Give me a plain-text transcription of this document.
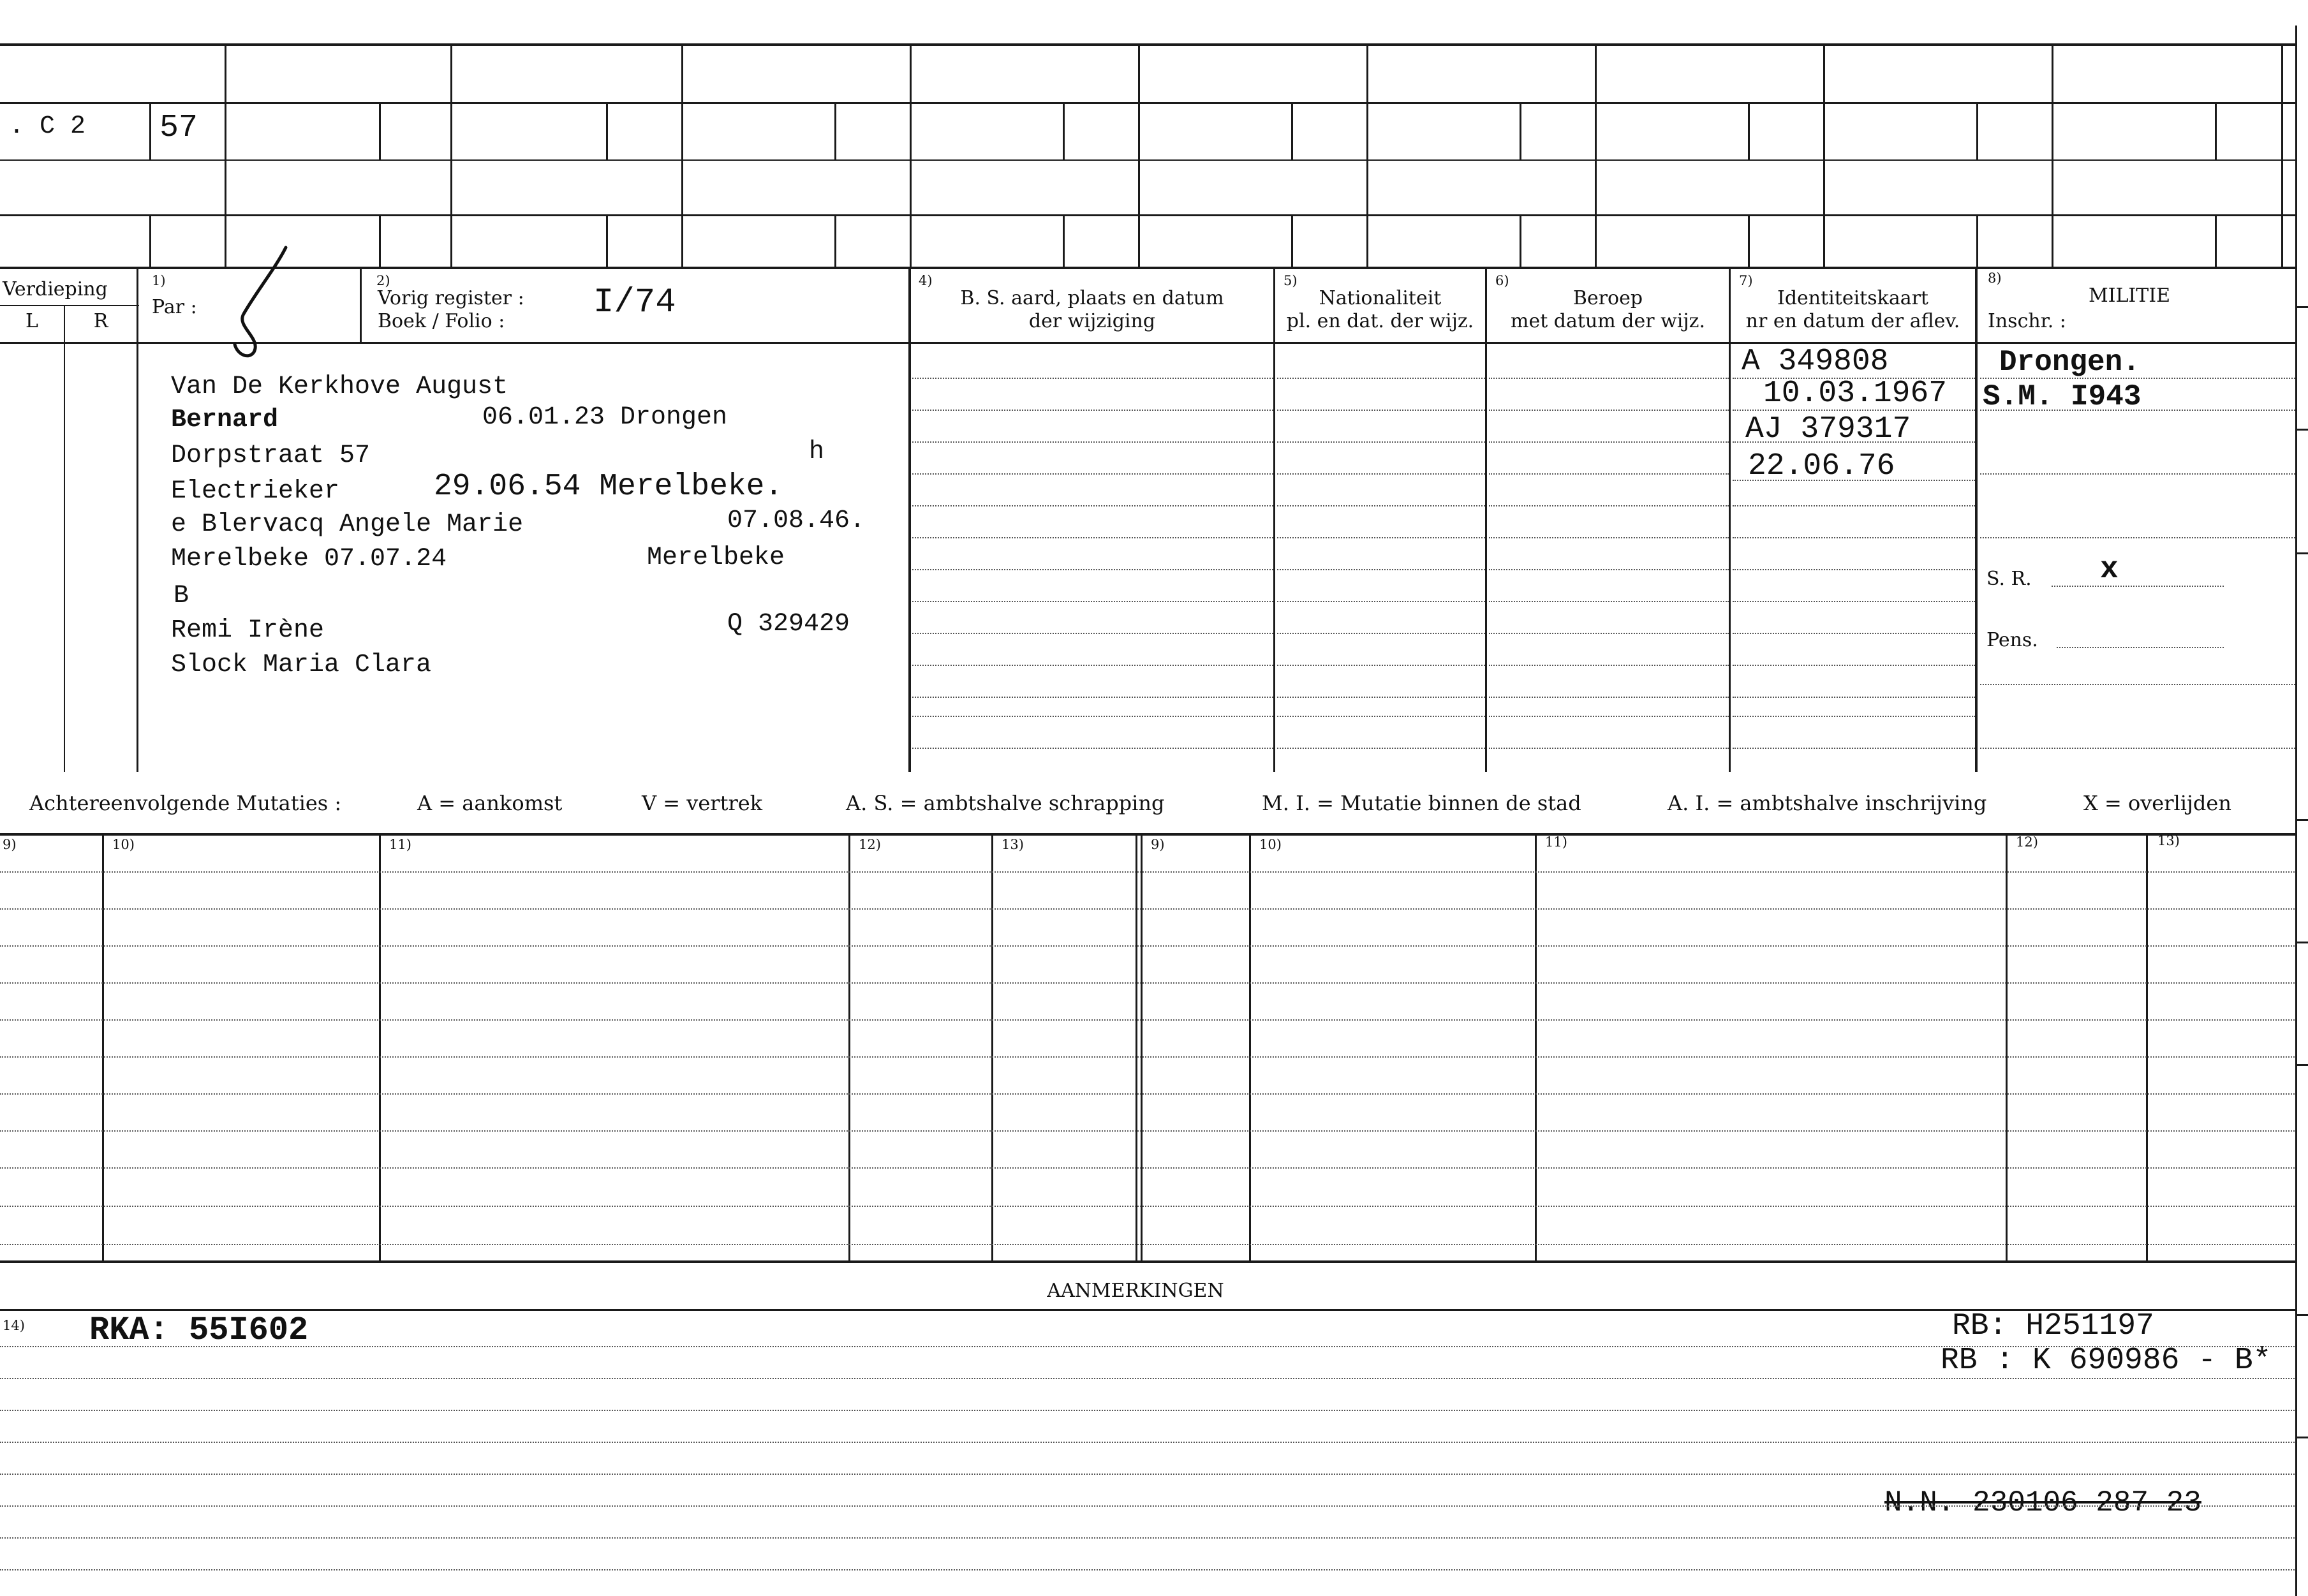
. C 2 57
Verdieping
L	R
1)
Par :
2)
Vorig register :
Boek / Folio :	I/74
4)
B. S. aard, plaats en datum
der wijziging
5)
Nationaliteit
pl. en dat. der wijz.
6)
Beroep
met datum der wijz.
7)
Identiteitskaart
nr en datum der aflev.
8)
MILITIE
Inschr. :
Van De Kerkhove August
Bernard	06.01.23 Drongen
Dorpstraat 57	h
Electrieker	29.06.54 Merelbeke.
e Blervacq Angele Marie	07.08.46.
Merelbeke 07.07.24	Merelbeke
B
Remi Irène	Q 329429
Slock Maria Clara
A 349808
10.03.1967
AJ 379317
22.06.76
Drongen.
S.M. I943
S. R. x
Pens.
Achtereenvolgende Mutaties :	A = aankomst	V = vertrek	A. S. = ambtshalve schrapping	M. I. = Mutatie binnen de stad	A. I. = ambtshalve inschrijving	X = overlijden
9)	10)	11)	12)	13)	9)	10)	11)	12)	13)
AANMERKINGEN
14) RKA: 55I602	RB: H251197
RB : K 690986 - B*
N.N. 230106 287 23
